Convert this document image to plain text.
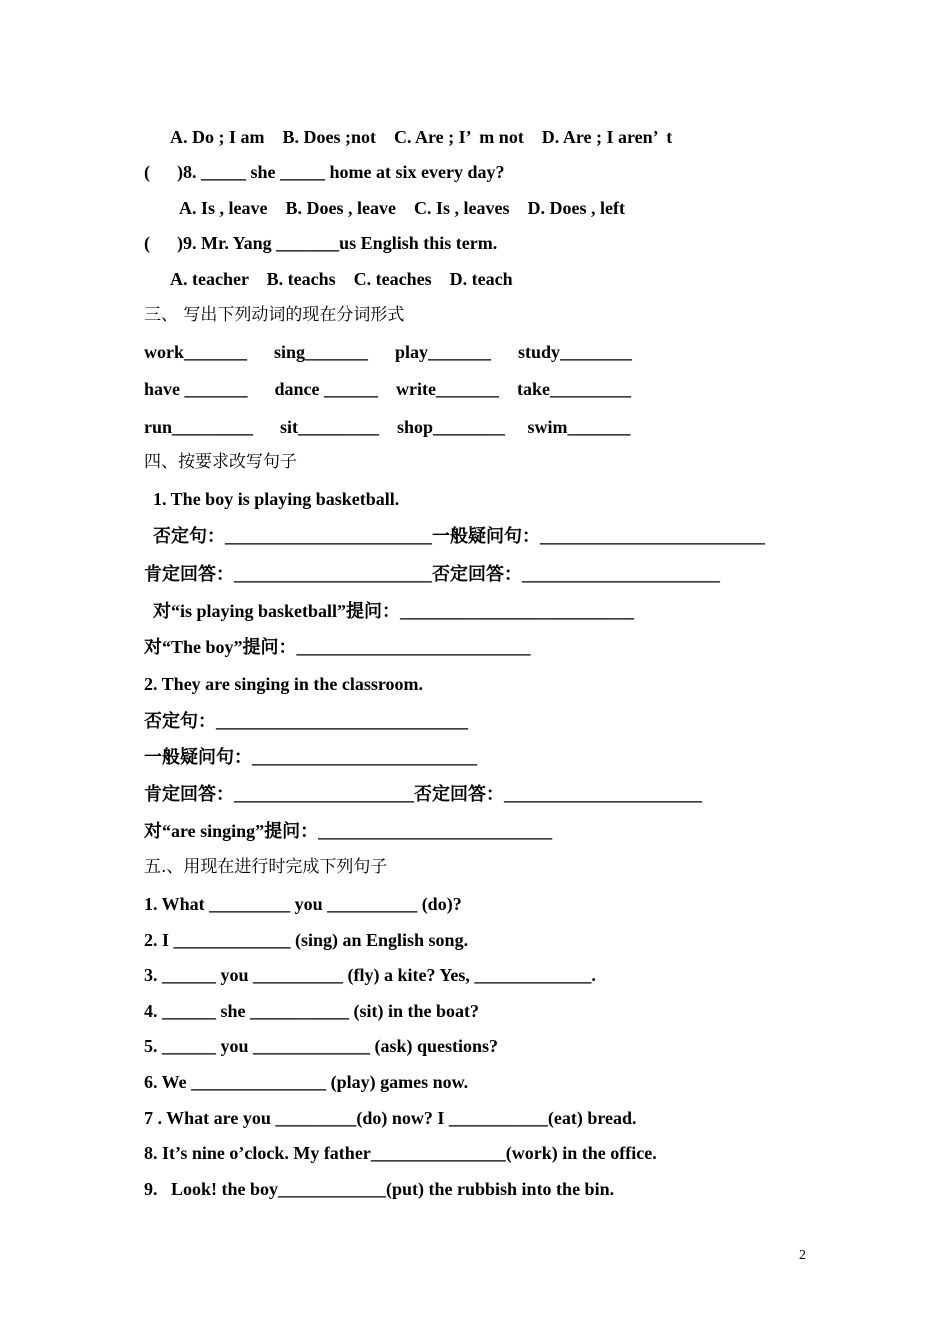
A. Do ; I am    B. Does ;not    C. Are ; I’  m not    D. Are ; I aren’  t
(      )8. _____ she _____ home at six every day?
A. Is , leave    B. Does , leave    C. Is , leaves    D. Does , left
(      )9. Mr. Yang _______us English this term.
A. teacher    B. teachs    C. teaches    D. teach
三、 写出下列动词的现在分词形式
work_______      sing_______      play_______      study________
have _______      dance ______    write_______    take_________
run_________      sit_________    shop________     swim_______
四、按要求改写句子
1. The boy is playing basketball.
否定句：_______________________一般疑问句：_________________________
肯定回答：______________________否定回答：______________________
对“is playing basketball”提问：__________________________
对“The boy”提问：__________________________
2. They are singing in the classroom.
否定句：____________________________
一般疑问句：_________________________
肯定回答：____________________否定回答：______________________
对“are singing”提问：__________________________
五.、用现在进行时完成下列句子
1. What _________ you __________ (do)?
2. I _____________ (sing) an English song.
3. ______ you __________ (fly) a kite? Yes, _____________.
4. ______ she ___________ (sit) in the boat?
5. ______ you _____________ (ask) questions?
6. We _______________ (play) games now.
7 . What are you _________(do) now? I ___________(eat) bread.
8. It’s nine o’clock. My father_______________(work) in the office.
9.   Look! the boy____________(put) the rubbish into the bin.
2
